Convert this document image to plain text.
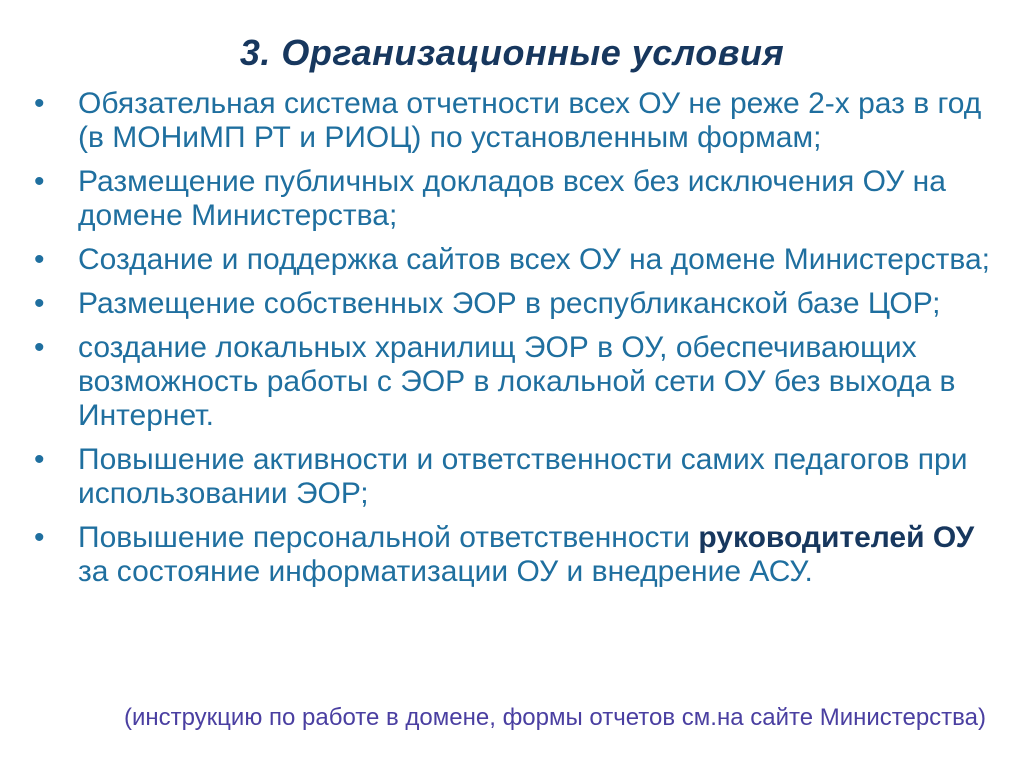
3. Организационные условия
•	Обязательная система отчетности всех ОУ не реже 2-х раз в год (в МОНиМП РТ и РИОЦ) по установленным формам;
•	Размещение публичных докладов всех без исключения ОУ на домене Министерства;
•	Создание и поддержка сайтов всех ОУ на домене Министерства;
•	Размещение собственных ЭОР в республиканской базе ЦОР;
•	создание локальных хранилищ ЭОР в ОУ, обеспечивающих возможность работы с ЭОР в локальной сети ОУ без выхода в Интернет.
•	Повышение активности и ответственности самих педагогов при использовании ЭОР;
•	Повышение персональной ответственности руководителей ОУ за состояние информатизации ОУ и внедрение АСУ.
(инструкцию по работе в домене, формы отчетов см.на сайте Министерства)
